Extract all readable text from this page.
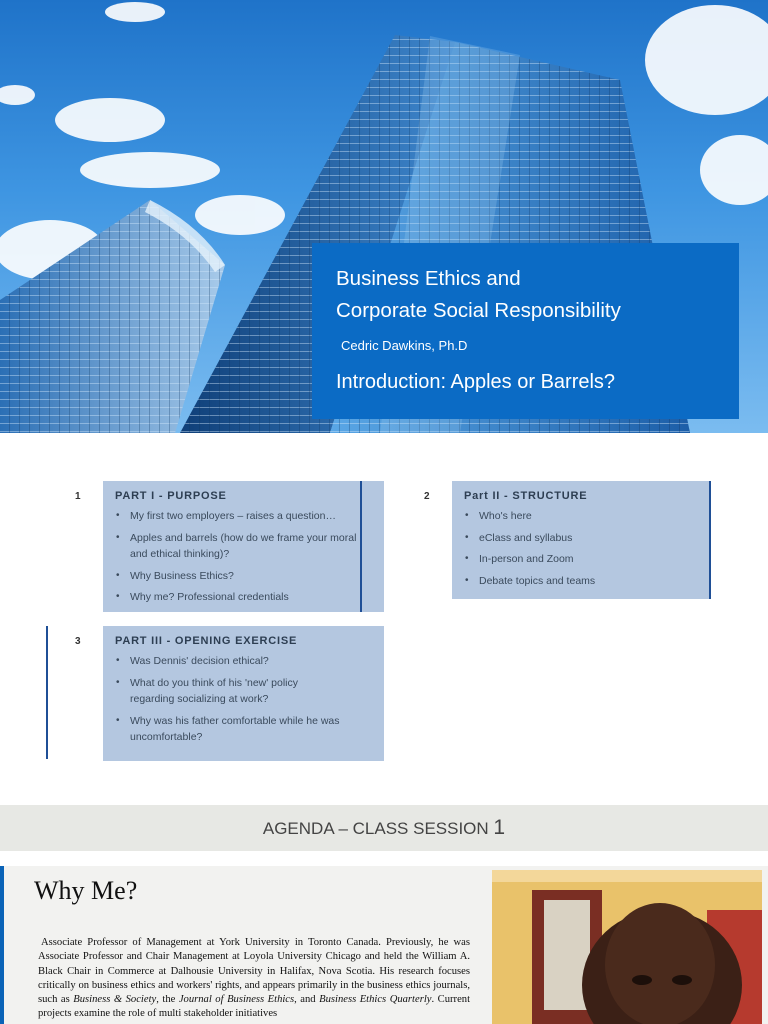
Business Ethics and
Corporate Social Responsibility
Cedric Dawkins, Ph.D
Introduction: Apples or Barrels?
1	PART I - PURPOSE
• My first two employers – raises a question…
• Apples and barrels (how do we frame your moral and ethical thinking)?
• Why Business Ethics?
• Why me? Professional credentials
2	Part II - STRUCTURE
• Who's here
• eClass and syllabus
• In-person and Zoom
• Debate topics and teams
3	PART III - OPENING EXERCISE
• Was Dennis' decision ethical?
• What do you think of his 'new' policy regarding socializing at work?
• Why was his father comfortable while he was uncomfortable?
AGENDA – CLASS SESSION 1
Why Me?

Associate Professor of Management at York University in Toronto Canada. Previously, he was Associate Professor and Chair Management at Loyola University Chicago and held the William A. Black Chair in Commerce at Dalhousie University in Halifax, Nova Scotia. His research focuses critically on business ethics and workers' rights, and appears primarily in the business ethics journals, such as Business & Society, the Journal of Business Ethics, and Business Ethics Quarterly. Current projects examine the role of multi stakeholder initiatives
